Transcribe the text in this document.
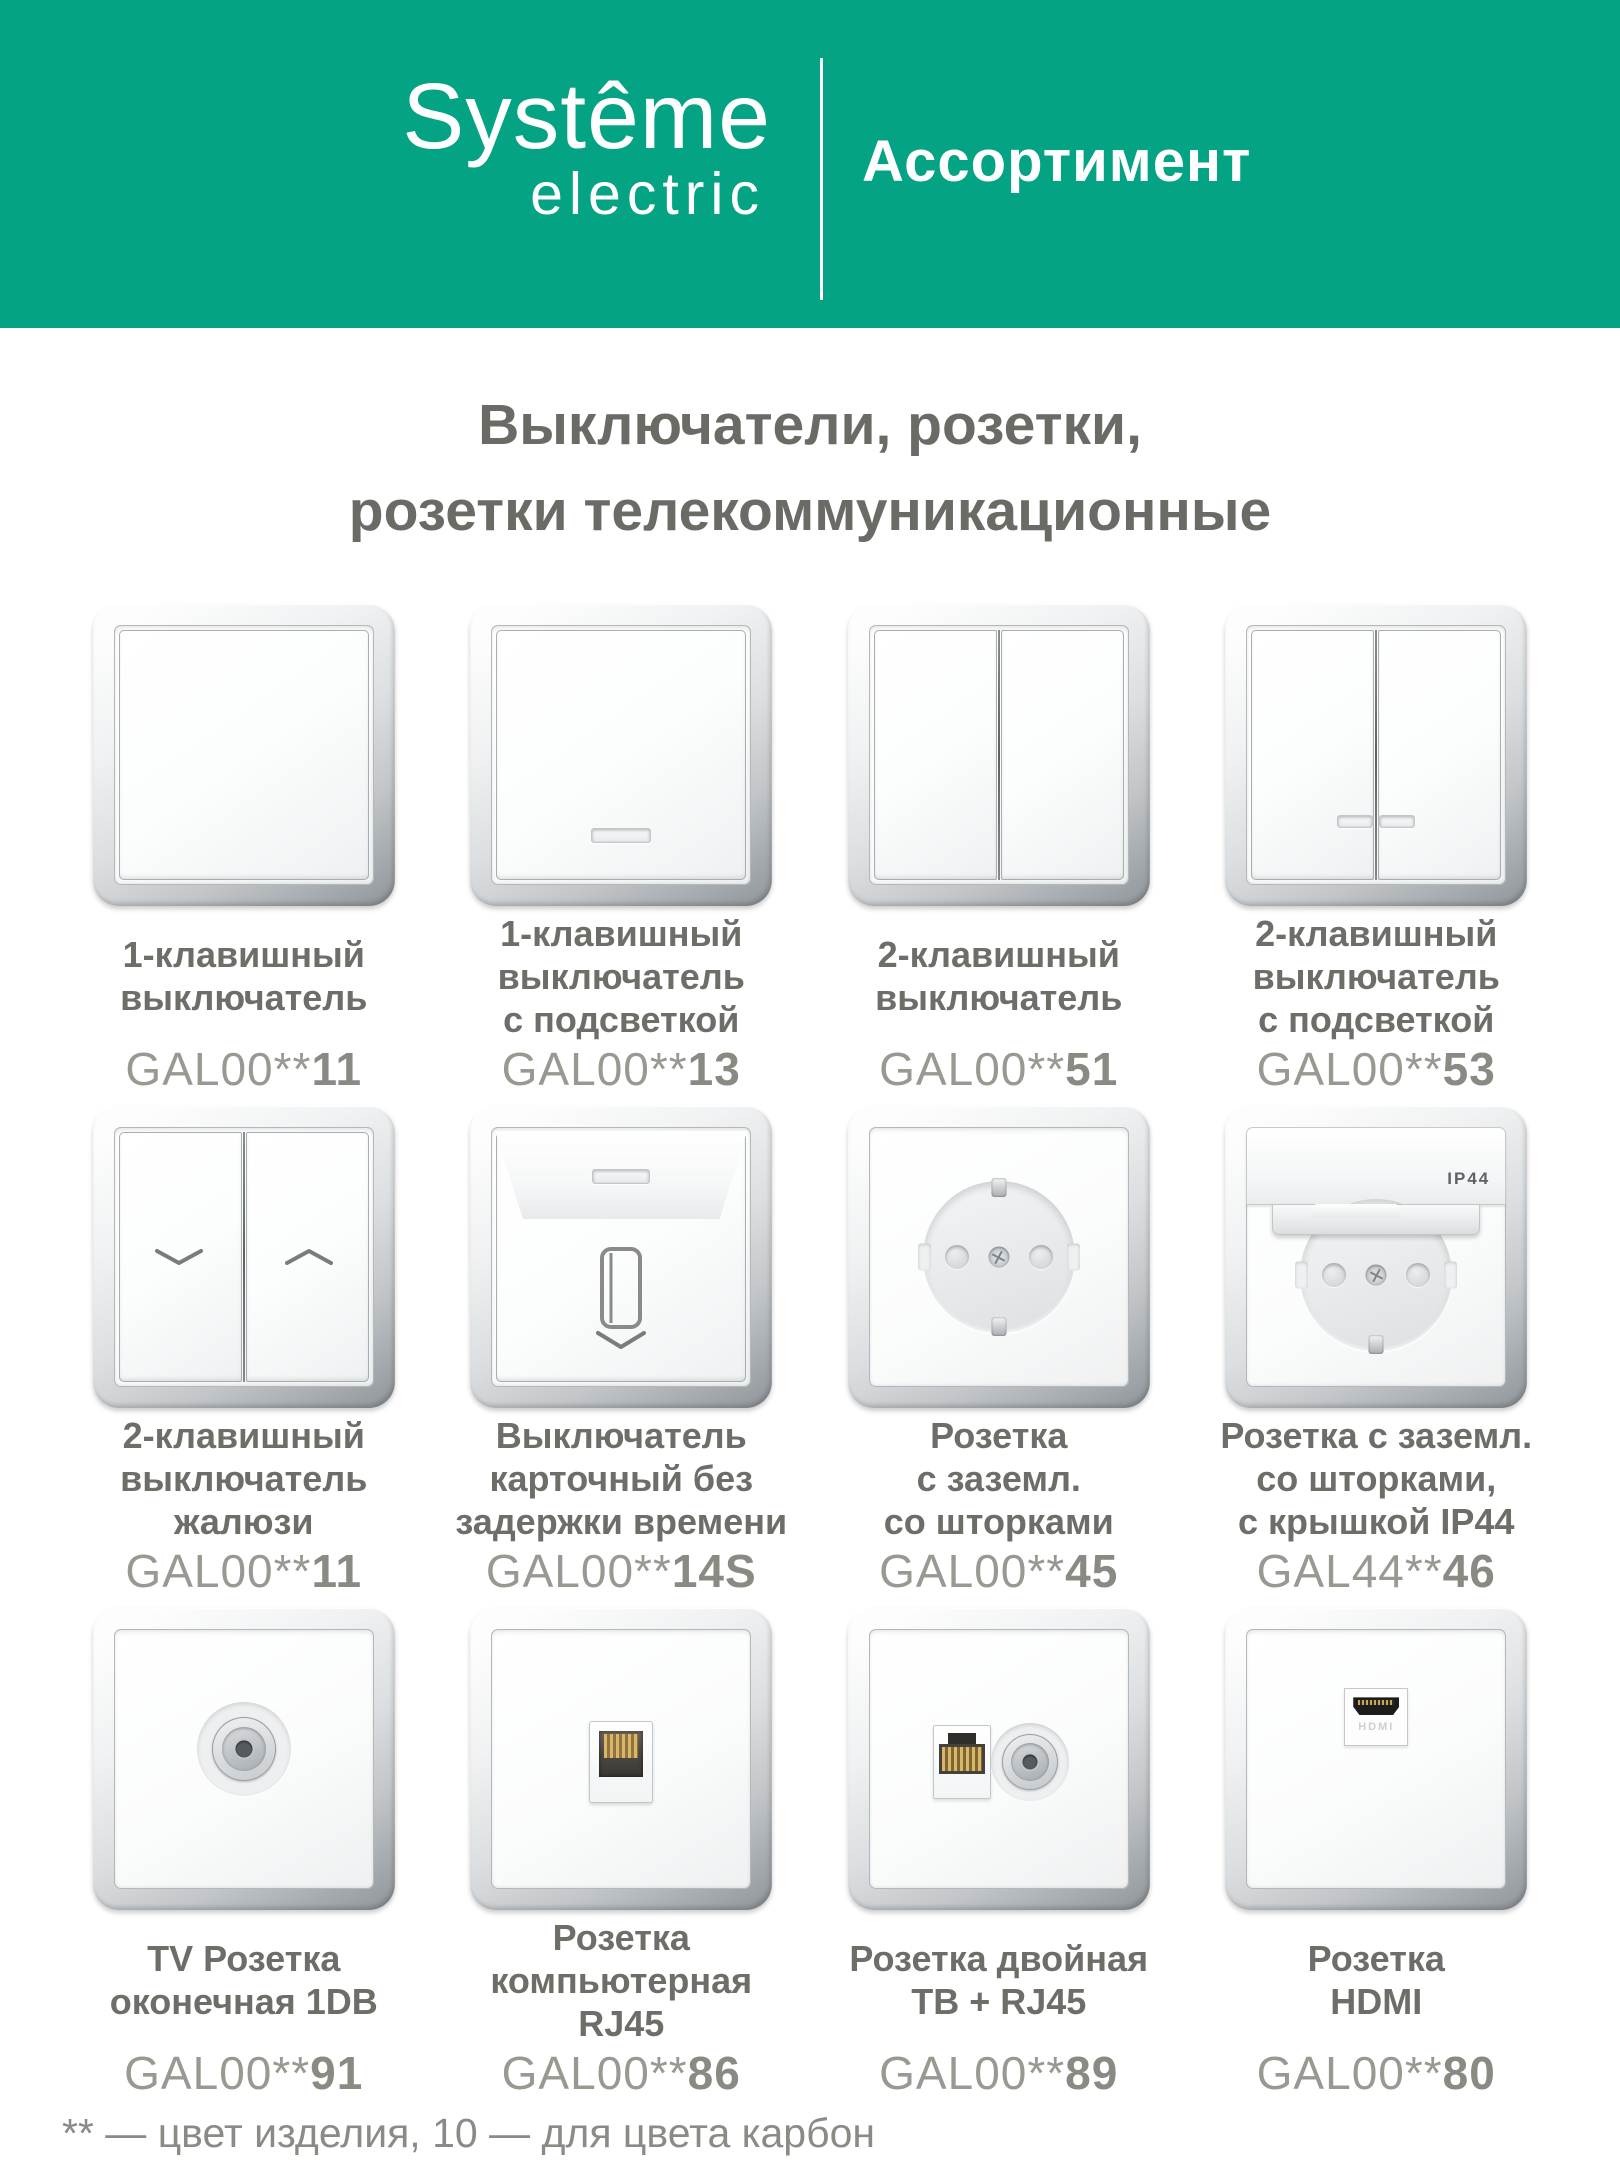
Systême
electric Ассортимент
Выключатели, розетки,
розетки телекоммуникационные
1-клавишный
выключатель
GAL00**11
1-клавишный
выключатель
с подсветкой
GAL00**13
2-клавишный
выключатель
GAL00**51
2-клавишный
выключатель
с подсветкой
GAL00**53
2-клавишный
выключатель
жалюзи
GAL00**11
Выключатель
карточный без
задержки времени
GAL00**14S
Розетка
с заземл.
со шторками
GAL00**45
IP44
Розетка с заземл.
со шторками,
с крышкой IP44
GAL44**46
TV Розетка
оконечная 1DB
GAL00**91
Розетка
компьютерная
RJ45
GAL00**86
Розетка двойная
ТВ + RJ45
GAL00**89
HDMI
Розетка
HDMI
GAL00**80
** — цвет изделия, 10 — для цвета карбон
